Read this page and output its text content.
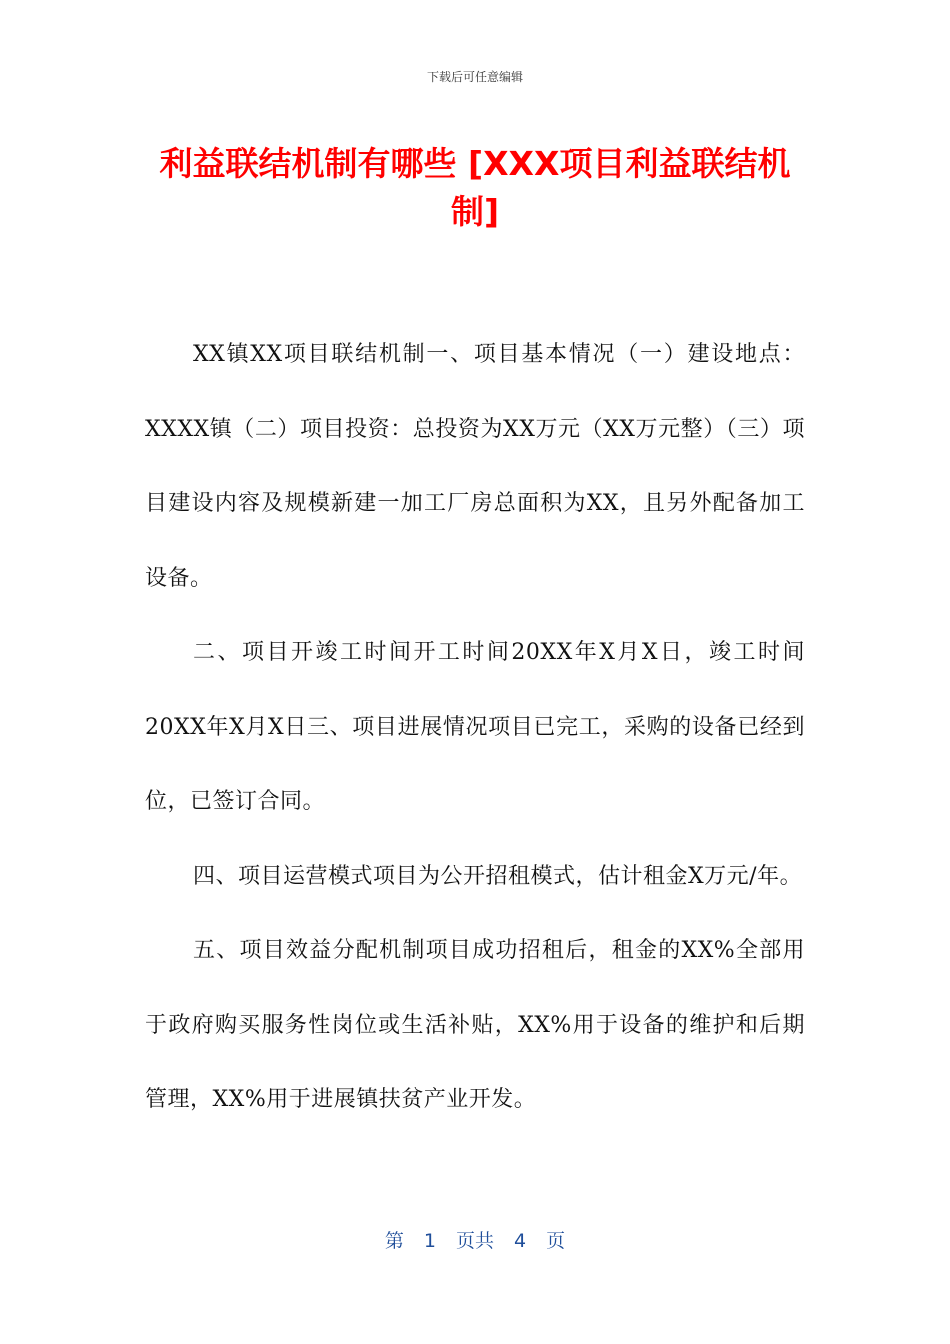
下载后可任意编辑
利益联结机制有哪些 [XXX项目利益联结机制]

XX镇XX项目联结机制一、项目基本情况（一）建设地点：XXXX镇（二）项目投资：总投资为XX万元（XX万元整）（三）项目建设内容及规模新建一加工厂房总面积为XX，且另外配备加工设备。

二、项目开竣工时间开工时间20XX年X月X日，竣工时间20XX年X月X日三、项目进展情况项目已完工，采购的设备已经到位，已签订合同。

四、项目运营模式项目为公开招租模式，估计租金X万元/年。

五、项目效益分配机制项目成功招租后，租金的XX%全部用于政府购买服务性岗位或生活补贴，XX%用于设备的维护和后期管理，XX%用于进展镇扶贫产业开发。

第 1 页共 4 页
